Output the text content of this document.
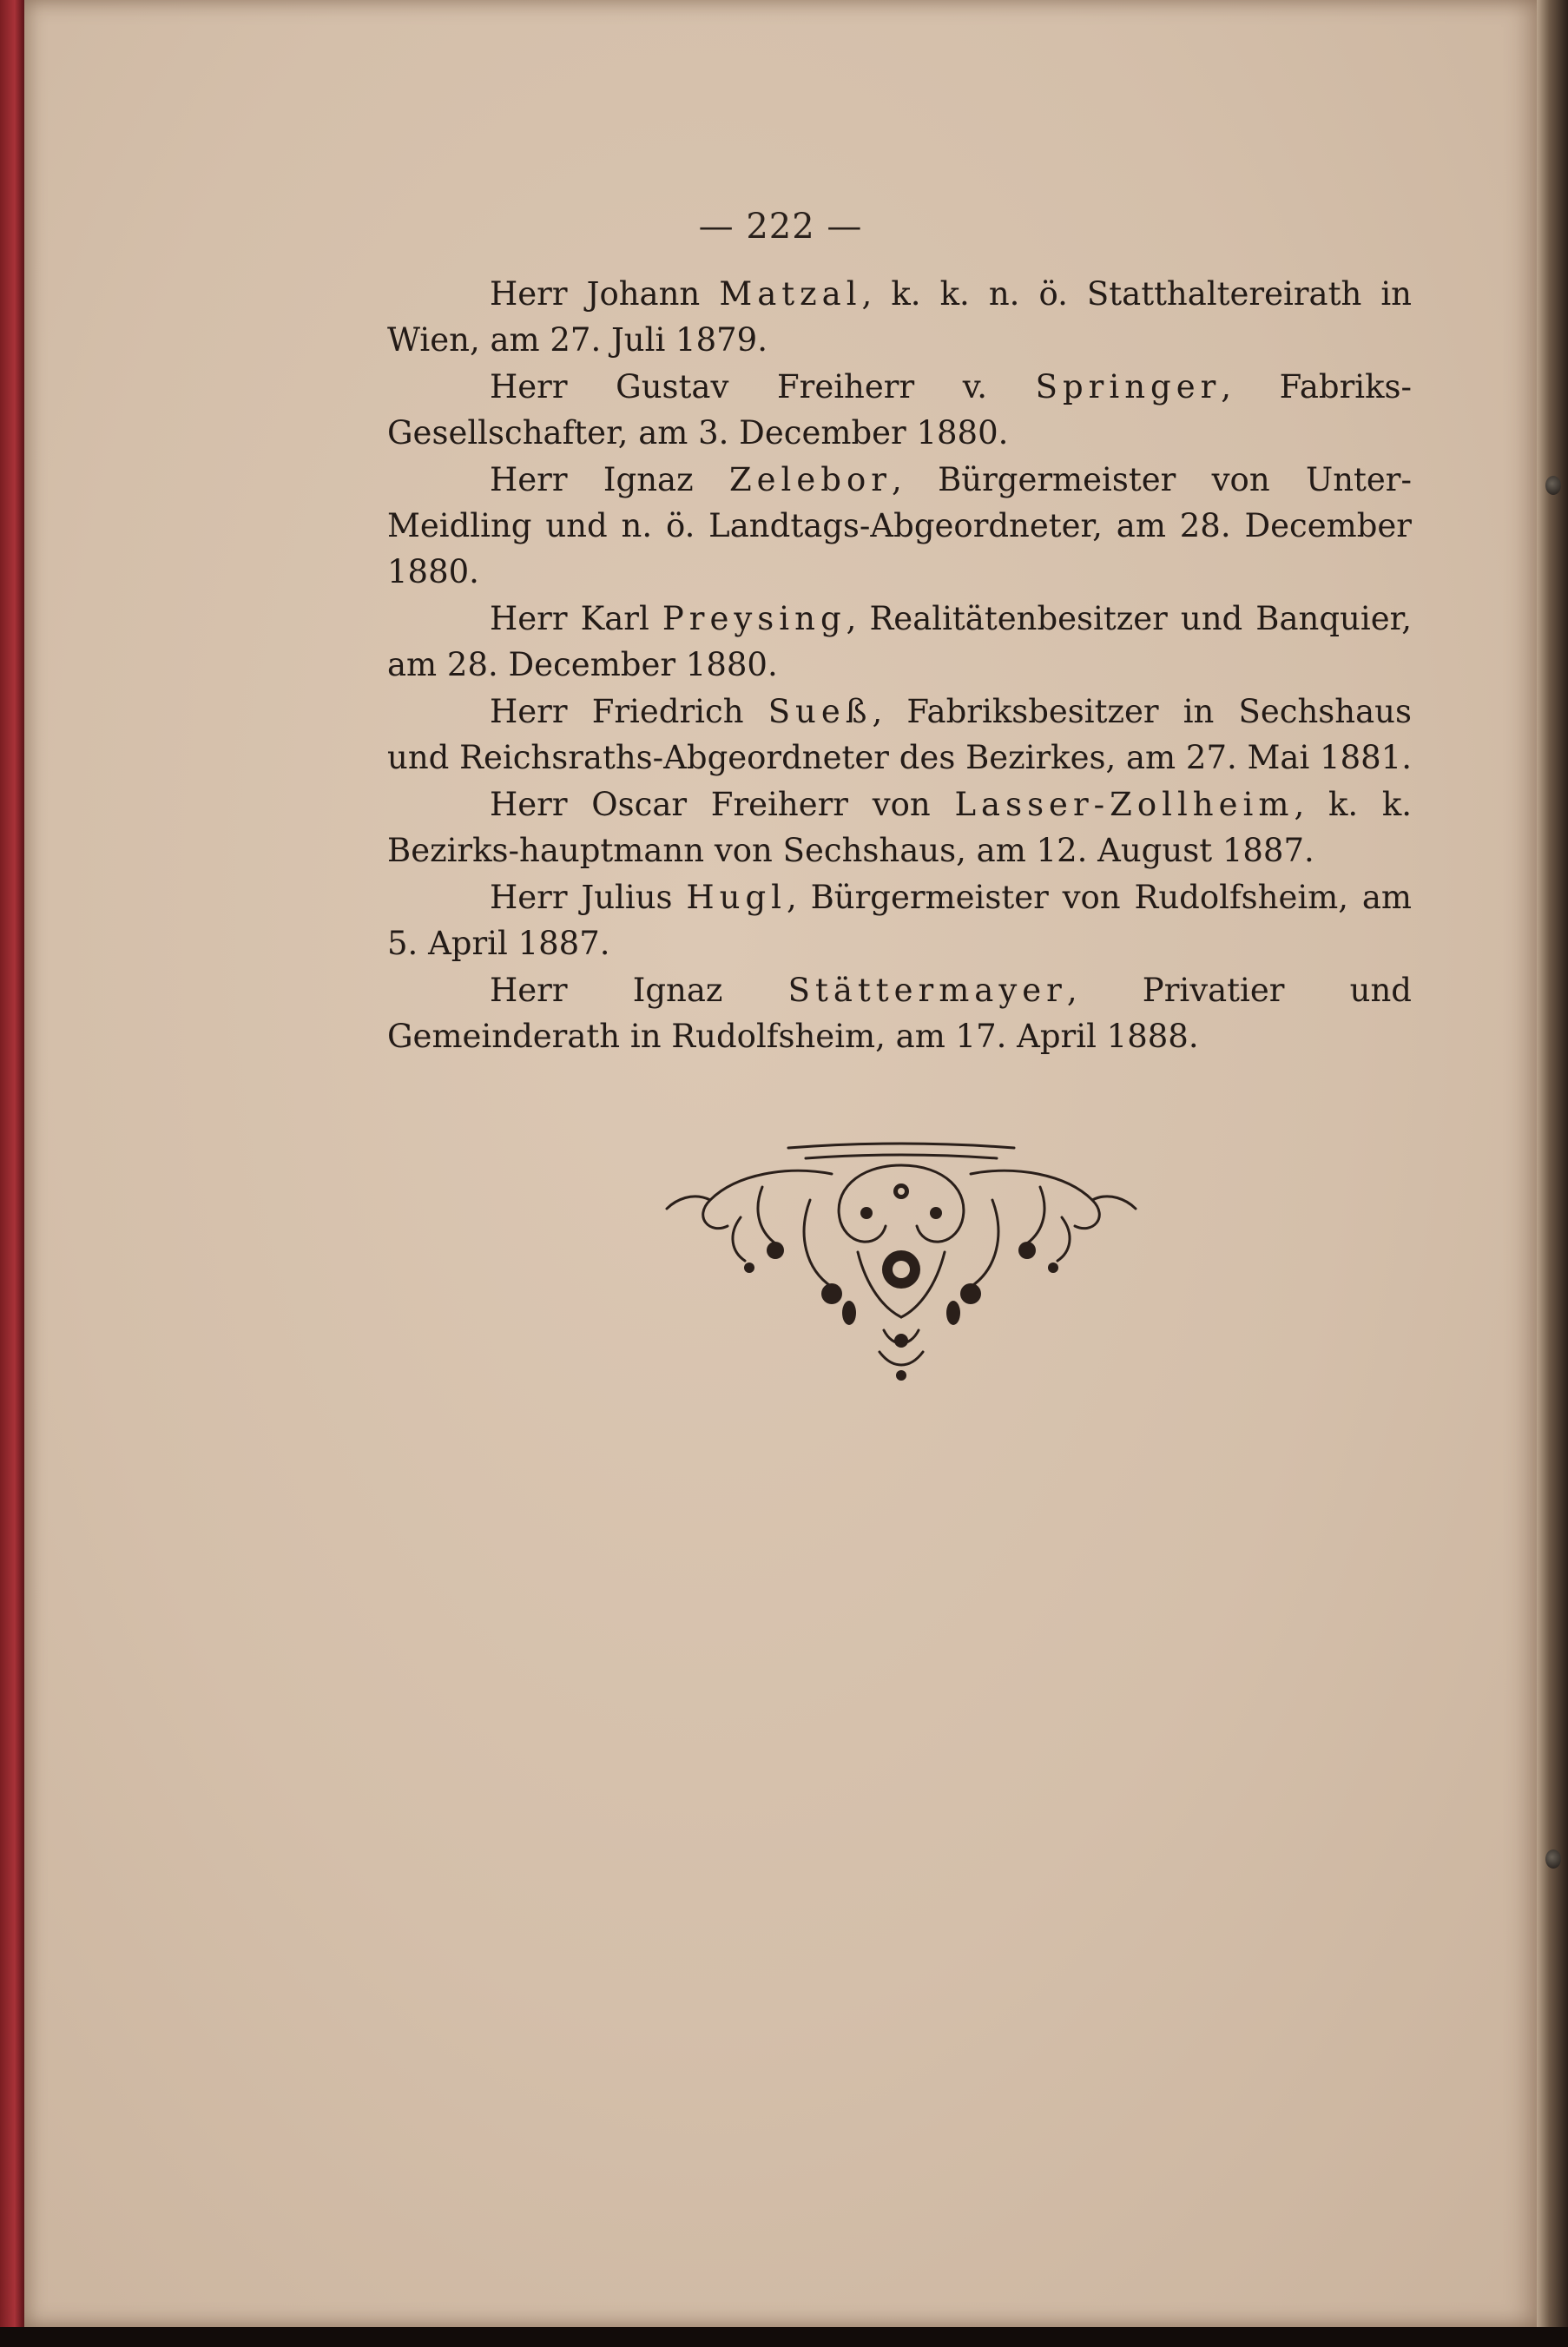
— 222 —

Herr Johann Matzal, k. k. n. ö. Statthaltereirath in Wien, am 27. Juli 1879.

Herr Gustav Freiherr v. Springer, Fabriks-Gesellschafter, am 3. December 1880.

Herr Ignaz Zelebor, Bürgermeister von Unter-Meidling und n. ö. Landtags-Abgeordneter, am 28. December 1880.

Herr Karl Preysing, Realitätenbesitzer und Banquier, am 28. December 1880.

Herr Friedrich Sueß, Fabriksbesitzer in Sechshaus und Reichsraths-Abgeordneter des Bezirkes, am 27. Mai 1881.

Herr Oscar Freiherr von Lasser-Zollheim, k. k. Bezirks-hauptmann von Sechshaus, am 12. August 1887.

Herr Julius Hugl, Bürgermeister von Rudolfsheim, am 5. April 1887.

Herr Ignaz Stättermayer, Privatier und Gemeinderath in Rudolfsheim, am 17. April 1888.
